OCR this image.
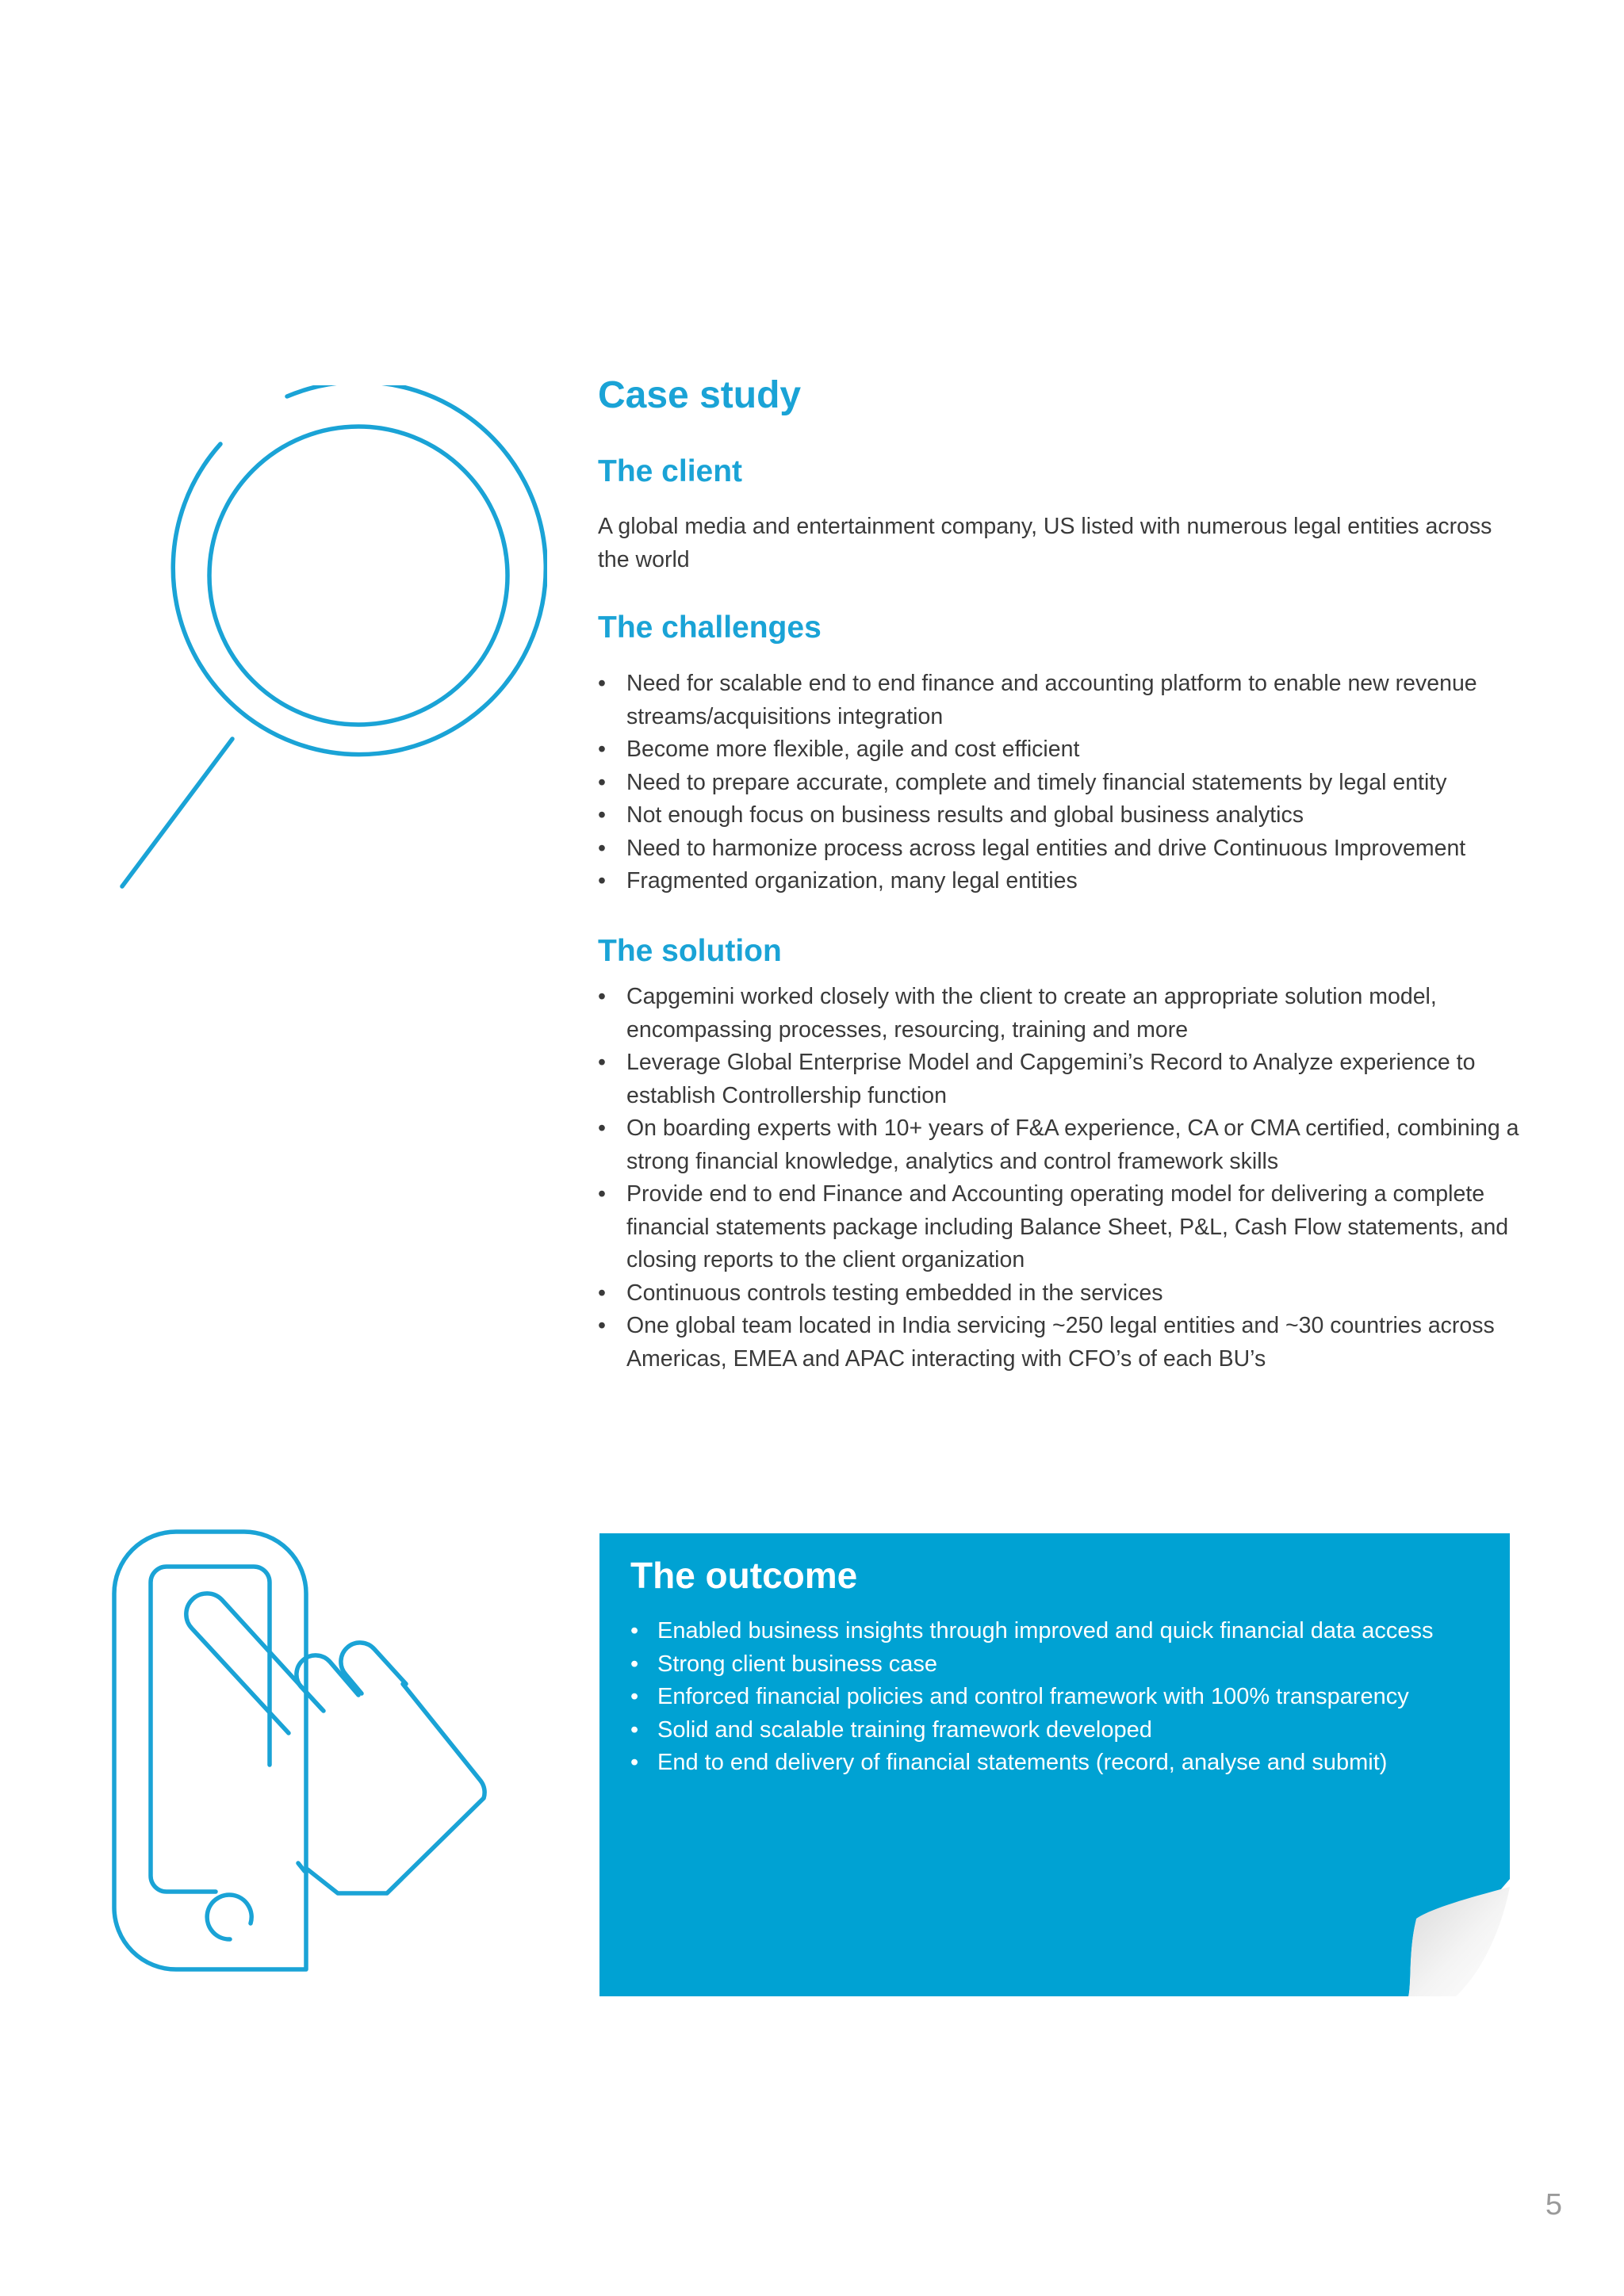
Case study
The client
A global media and entertainment company, US listed with numerous legal entities across the world
The challenges
• Need for scalable end to end finance and accounting platform to enable new revenue streams/acquisitions integration
• Become more flexible, agile and cost efficient
• Need to prepare accurate, complete and timely financial statements by legal entity
• Not enough focus on business results and global business analytics
• Need to harmonize process across legal entities and drive Continuous Improvement
• Fragmented organization, many legal entities
The solution
• Capgemini worked closely with the client to create an appropriate solution model, encompassing processes, resourcing, training and more
• Leverage Global Enterprise Model and Capgemini’s Record to Analyze experience to establish Controllership function
• On boarding experts with 10+ years of F&A experience, CA or CMA certified, combining a strong financial knowledge, analytics and control framework skills
• Provide end to end Finance and Accounting operating model for delivering a complete financial statements package including Balance Sheet, P&L, Cash Flow statements, and closing reports to the client organization
• Continuous controls testing embedded in the services
• One global team located in India servicing ~250 legal entities and ~30 countries across Americas, EMEA and APAC interacting with CFO’s of each BU’s
The outcome
• Enabled business insights through improved and quick financial data access
• Strong client business case
• Enforced financial policies and control framework with 100% transparency
• Solid and scalable training framework developed
• End to end delivery of financial statements (record, analyse and submit)
5
